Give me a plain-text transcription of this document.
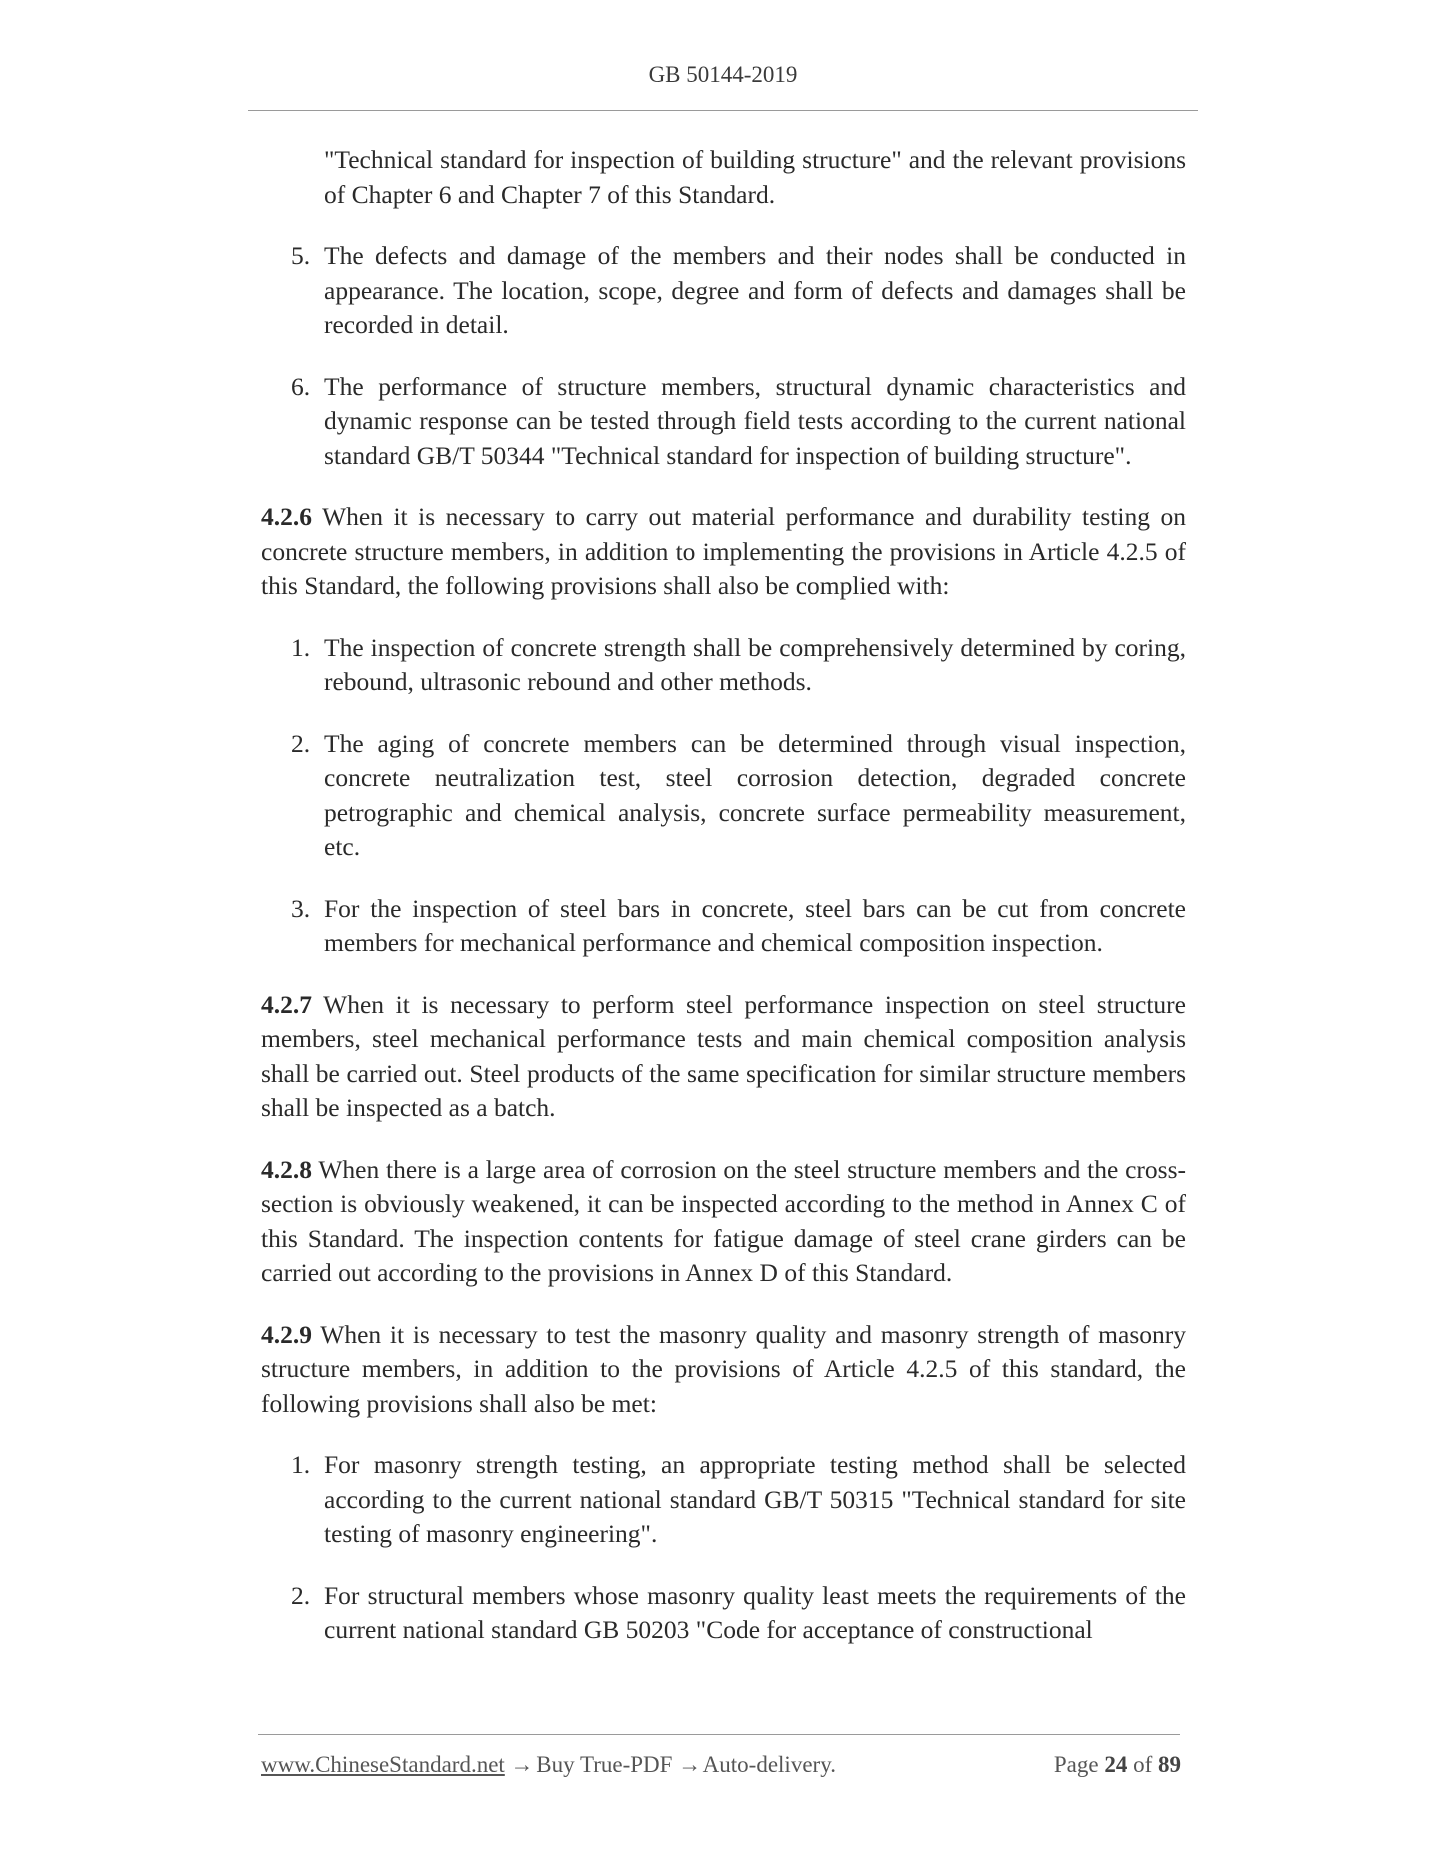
GB 50144-2019
"Technical standard for inspection of building structure" and the relevant provisions of Chapter 6 and Chapter 7 of this Standard.
5. The defects and damage of the members and their nodes shall be conducted in appearance. The location, scope, degree and form of defects and damages shall be recorded in detail.
6. The performance of structure members, structural dynamic characteristics and dynamic response can be tested through field tests according to the current national standard GB/T 50344 "Technical standard for inspection of building structure".
4.2.6 When it is necessary to carry out material performance and durability testing on concrete structure members, in addition to implementing the provisions in Article 4.2.5 of this Standard, the following provisions shall also be complied with:
1. The inspection of concrete strength shall be comprehensively determined by coring, rebound, ultrasonic rebound and other methods.
2. The aging of concrete members can be determined through visual inspection, concrete neutralization test, steel corrosion detection, degraded concrete petrographic and chemical analysis, concrete surface permeability measurement, etc.
3. For the inspection of steel bars in concrete, steel bars can be cut from concrete members for mechanical performance and chemical composition inspection.
4.2.7 When it is necessary to perform steel performance inspection on steel structure members, steel mechanical performance tests and main chemical composition analysis shall be carried out. Steel products of the same specification for similar structure members shall be inspected as a batch.
4.2.8 When there is a large area of corrosion on the steel structure members and the cross-section is obviously weakened, it can be inspected according to the method in Annex C of this Standard. The inspection contents for fatigue damage of steel crane girders can be carried out according to the provisions in Annex D of this Standard.
4.2.9 When it is necessary to test the masonry quality and masonry strength of masonry structure members, in addition to the provisions of Article 4.2.5 of this standard, the following provisions shall also be met:
1. For masonry strength testing, an appropriate testing method shall be selected according to the current national standard GB/T 50315 "Technical standard for site testing of masonry engineering".
2. For structural members whose masonry quality least meets the requirements of the current national standard GB 50203 "Code for acceptance of constructional
www.ChineseStandard.net → Buy True-PDF → Auto-delivery.	Page 24 of 89
